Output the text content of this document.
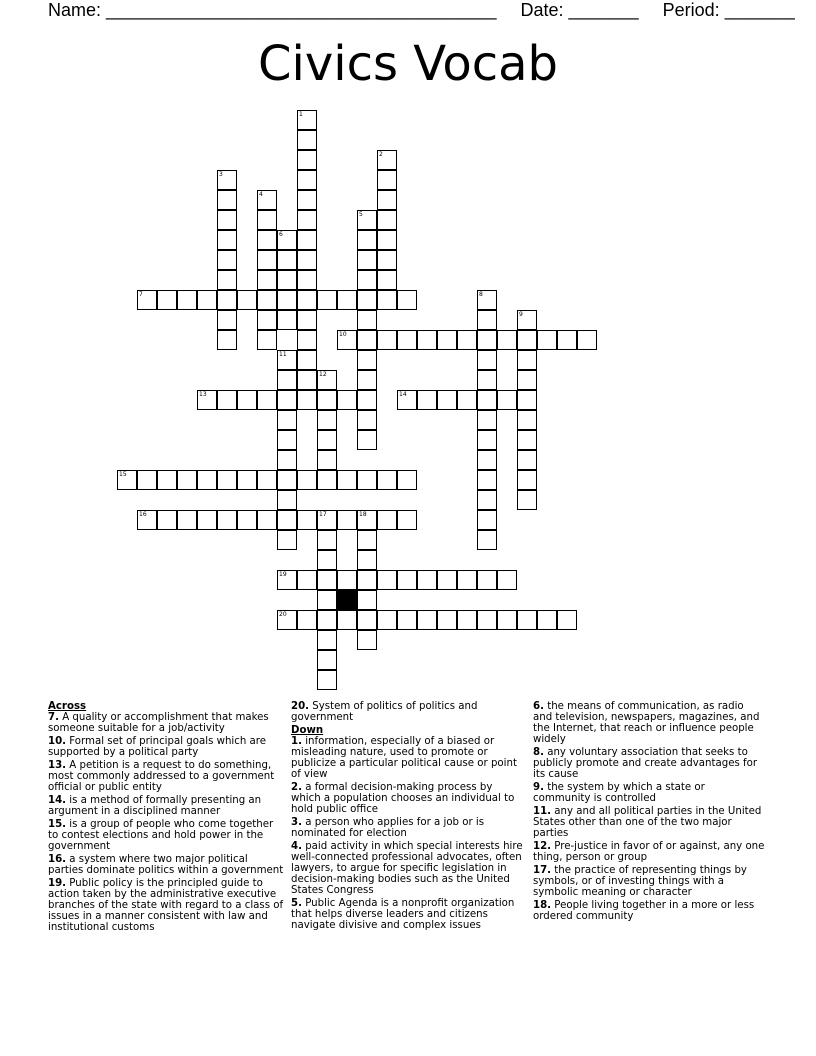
Name: _______________________________________ Date: _______ Period: _______
Civics Vocab
1
2
3
4
5
6
7	8
9
10
11
12
13	14
15
16	17	18
19
20
Across
7. A quality or accomplishment that makes someone suitable for a job/activity
10. Formal set of principal goals which are supported by a political party
13. A petition is a request to do something, most commonly addressed to a government official or public entity
14. is a method of formally presenting an argument in a disciplined manner
15. is a group of people who come together to contest elections and hold power in the government
16. a system where two major political parties dominate politics within a government
19. Public policy is the principled guide to action taken by the administrative executive branches of the state with regard to a class of issues in a manner consistent with law and institutional customs
20. System of politics of politics and government
Down
1. information, especially of a biased or misleading nature, used to promote or publicize a particular political cause or point of view
2. a formal decision-making process by which a population chooses an individual to hold public office
3. a person who applies for a job or is nominated for election
4. paid activity in which special interests hire well-connected professional advocates, often lawyers, to argue for specific legislation in decision-making bodies such as the United States Congress
5. Public Agenda is a nonprofit organization that helps diverse leaders and citizens navigate divisive and complex issues
6. the means of communication, as radio and television, newspapers, magazines, and the Internet, that reach or influence people widely
8. any voluntary association that seeks to publicly promote and create advantages for its cause
9. the system by which a state or community is controlled
11. any and all political parties in the United States other than one of the two major parties
12. Pre-justice in favor of or against, any one thing, person or group
17. the practice of representing things by symbols, or of investing things with a symbolic meaning or character
18. People living together in a more or less ordered community
